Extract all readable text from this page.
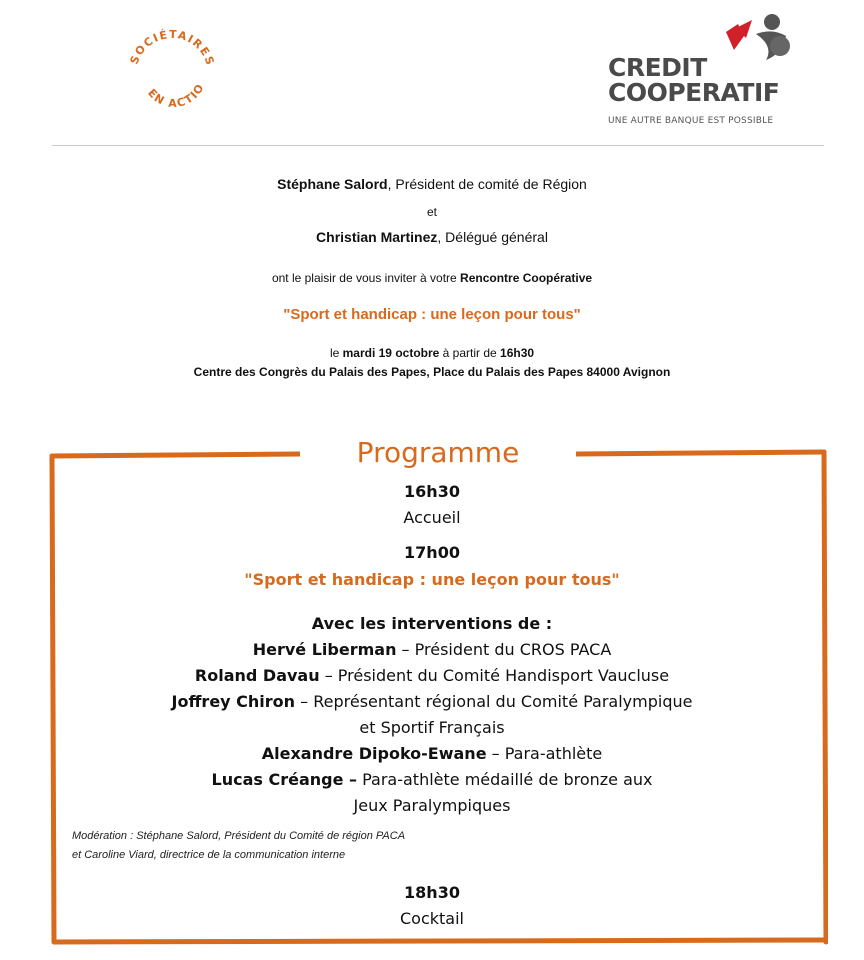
SOCIÉTAIRES
EN ACTIO
CREDIT
COOPERATIF
UNE AUTRE BANQUE EST POSSIBLE
Stéphane Salord, Président de comité de Région
et
Christian Martinez, Délégué général
ont le plaisir de vous inviter à votre Rencontre Coopérative
"Sport et handicap : une leçon pour tous"
le mardi 19 octobre à partir de 16h30
Centre des Congrès du Palais des Papes, Place du Palais des Papes 84000 Avignon
Programme
16h30
Accueil
17h00
"Sport et handicap : une leçon pour tous"
Avec les interventions de :
Hervé Liberman – Président du CROS PACA
Roland Davau – Président du Comité Handisport Vaucluse
Joffrey Chiron – Représentant régional du Comité Paralympique
et Sportif Français
Alexandre Dipoko-Ewane – Para-athlète
Lucas Créange – Para-athlète médaillé de bronze aux
Jeux Paralympiques
Modération : Stéphane Salord, Président du Comité de région PACA
et Caroline Viard, directrice de la communication interne
18h30
Cocktail
